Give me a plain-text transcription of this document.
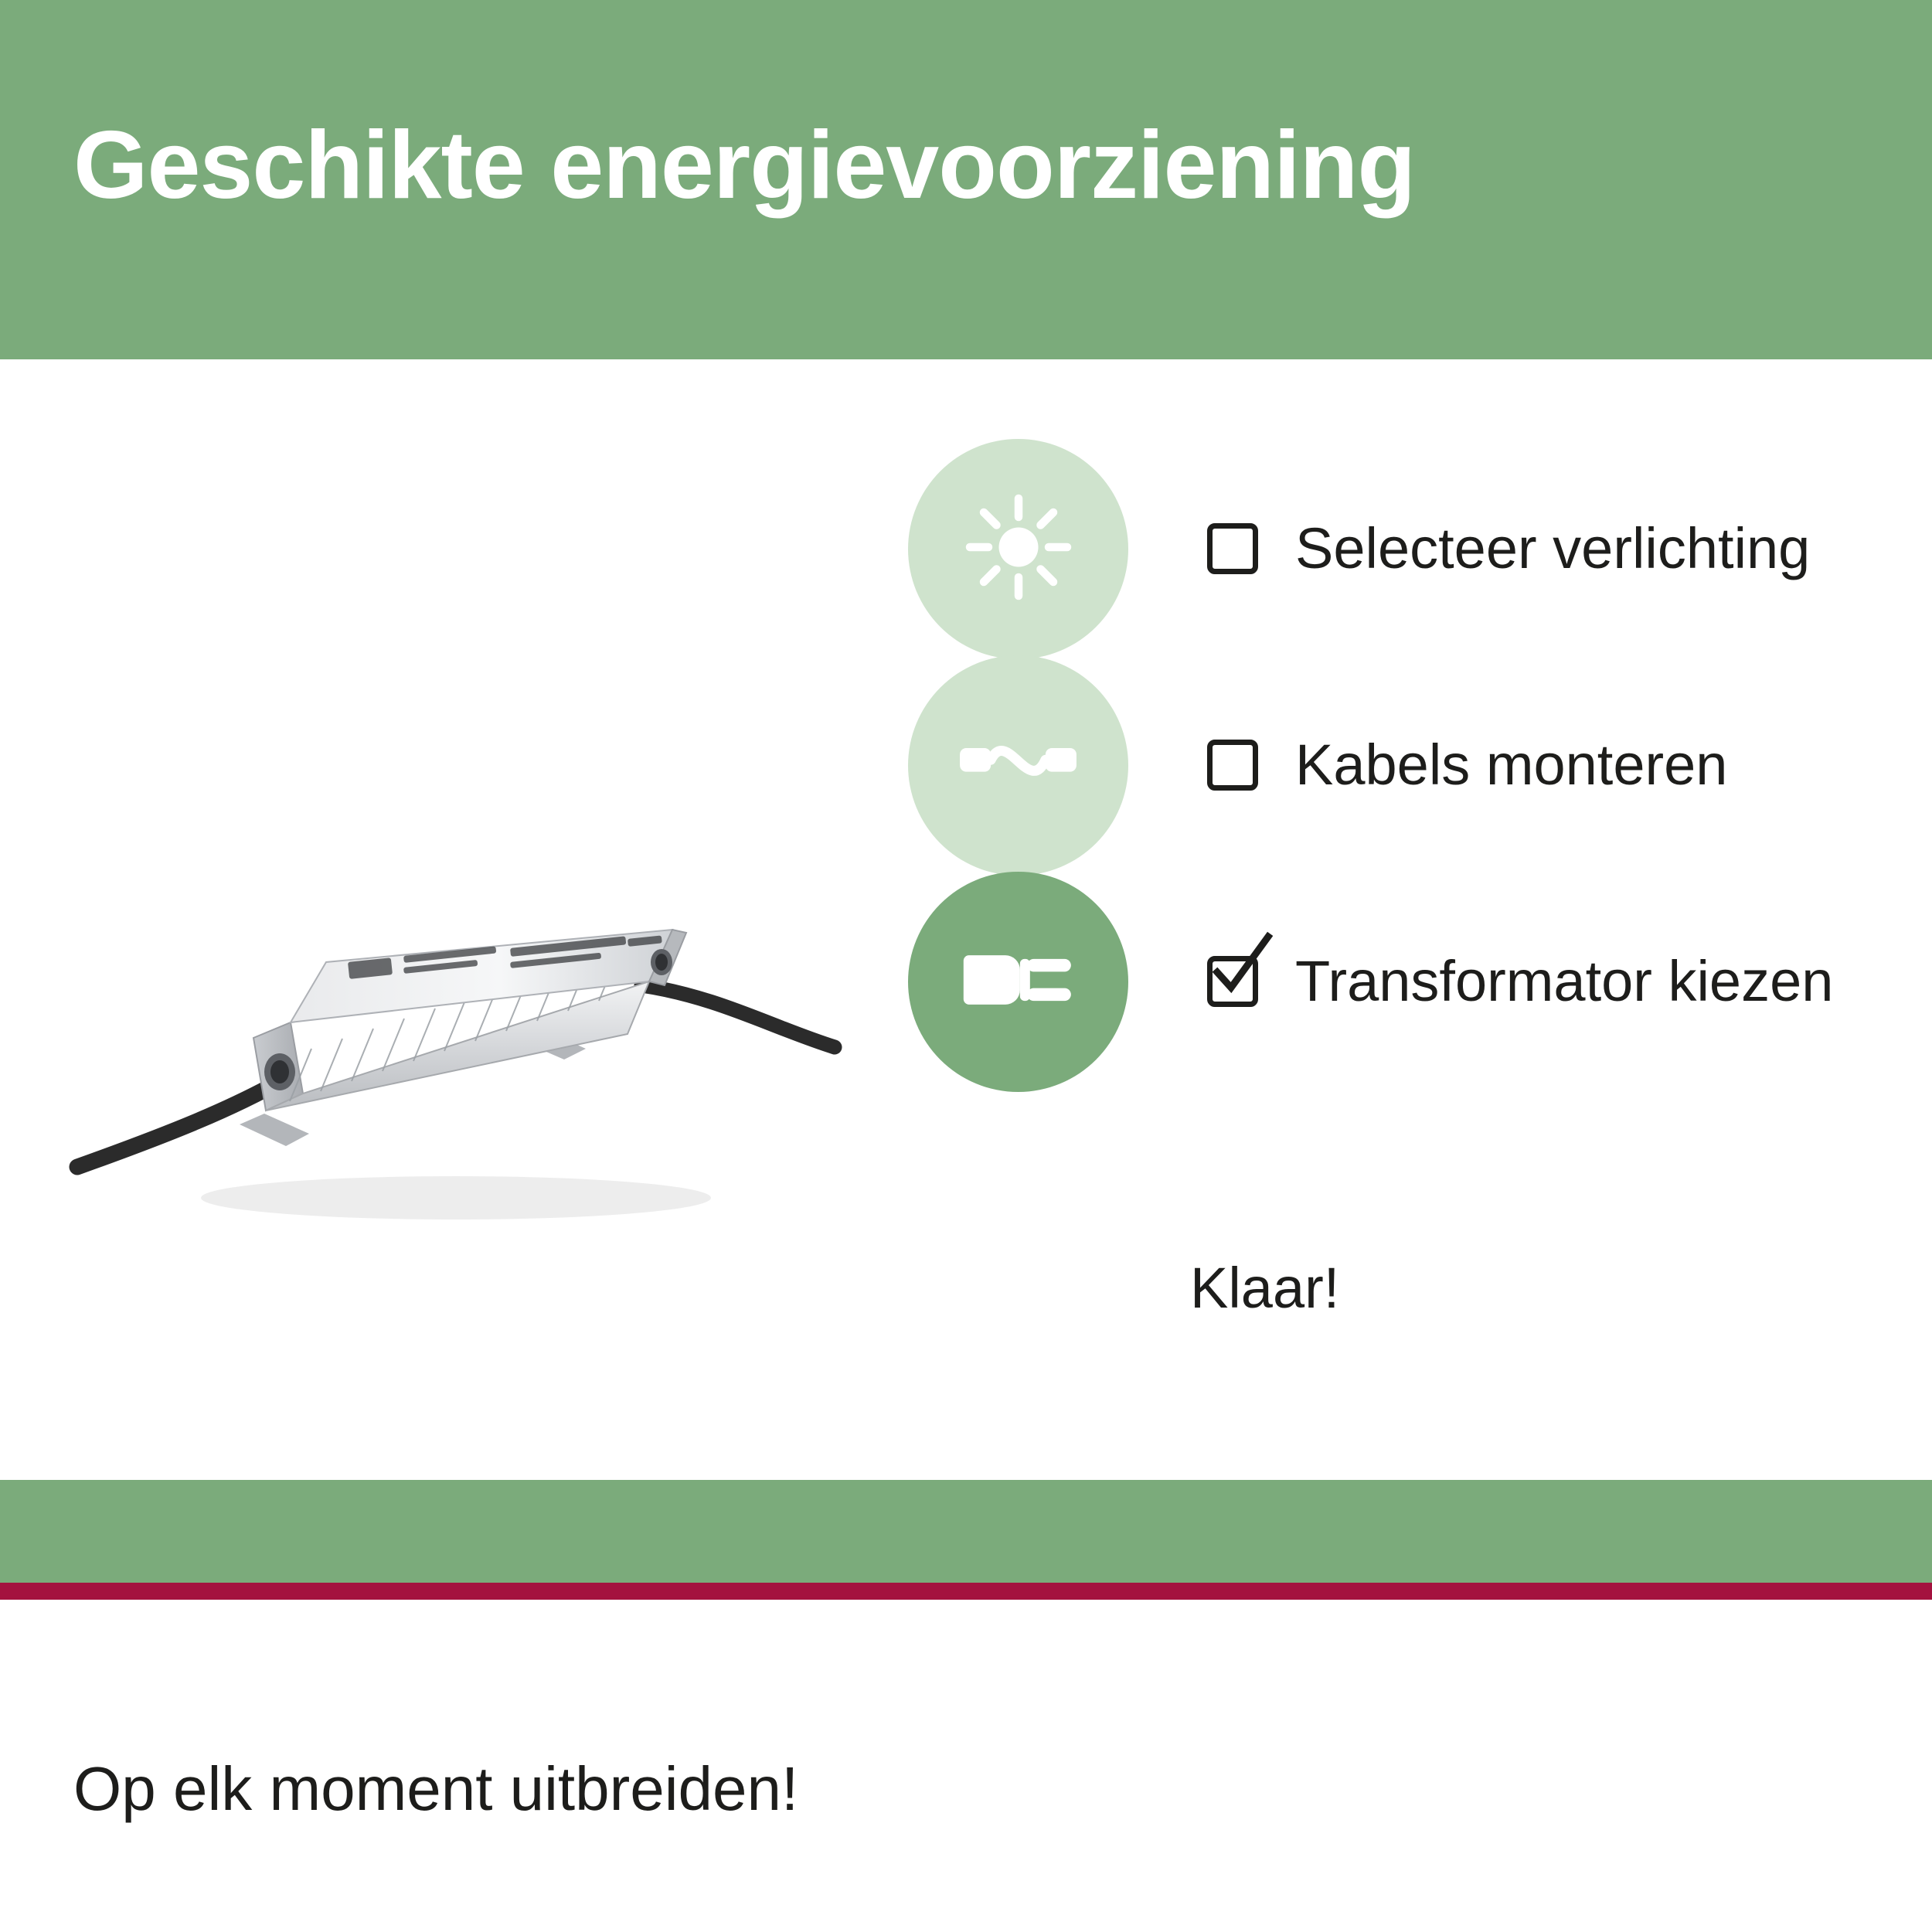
Geschikte energievoorziening
Selecteer verlichting
Kabels monteren
Transformator kiezen
Klaar!
Op elk moment uitbreiden!
